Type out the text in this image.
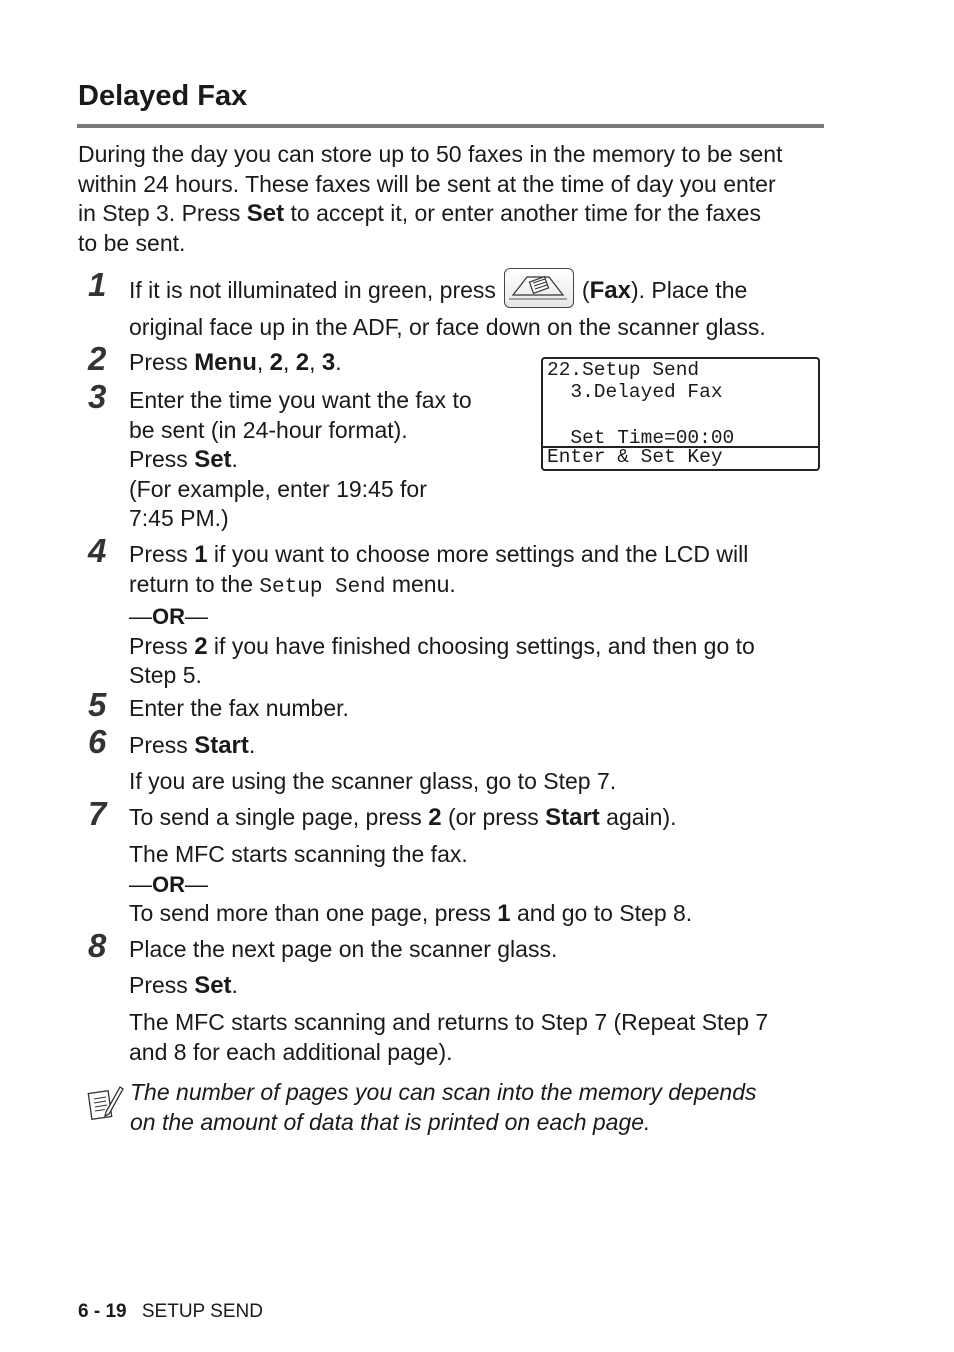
Delayed Fax
During the day you can store up to 50 faxes in the memory to be sent
within 24 hours. These faxes will be sent at the time of day you enter
in Step 3. Press Set to accept it, or enter another time for the faxes
to be sent.
1 If it is not illuminated in green, press	(Fax). Place the
original face up in the ADF, or face down on the scanner glass.
2 Press Menu, 2, 2, 3.	22.Setup Send
3.Delayed Fax
Set Time=00:00
Enter & Set Key
3 Enter the time you want the fax to
be sent (in 24-hour format).
Press Set.
(For example, enter 19:45 for
7:45 PM.)
4 Press 1 if you want to choose more settings and the LCD will
return to the Setup Send menu.
—OR—
Press 2 if you have finished choosing settings, and then go to
Step 5.
5 Enter the fax number.
6 Press Start.
If you are using the scanner glass, go to Step 7.
7 To send a single page, press 2 (or press Start again).
The MFC starts scanning the fax.
—OR—
To send more than one page, press 1 and go to Step 8.
8 Place the next page on the scanner glass.
Press Set.
The MFC starts scanning and returns to Step 7 (Repeat Step 7
and 8 for each additional page).
The number of pages you can scan into the memory depends
on the amount of data that is printed on each page.
6 - 19 SETUP SEND
